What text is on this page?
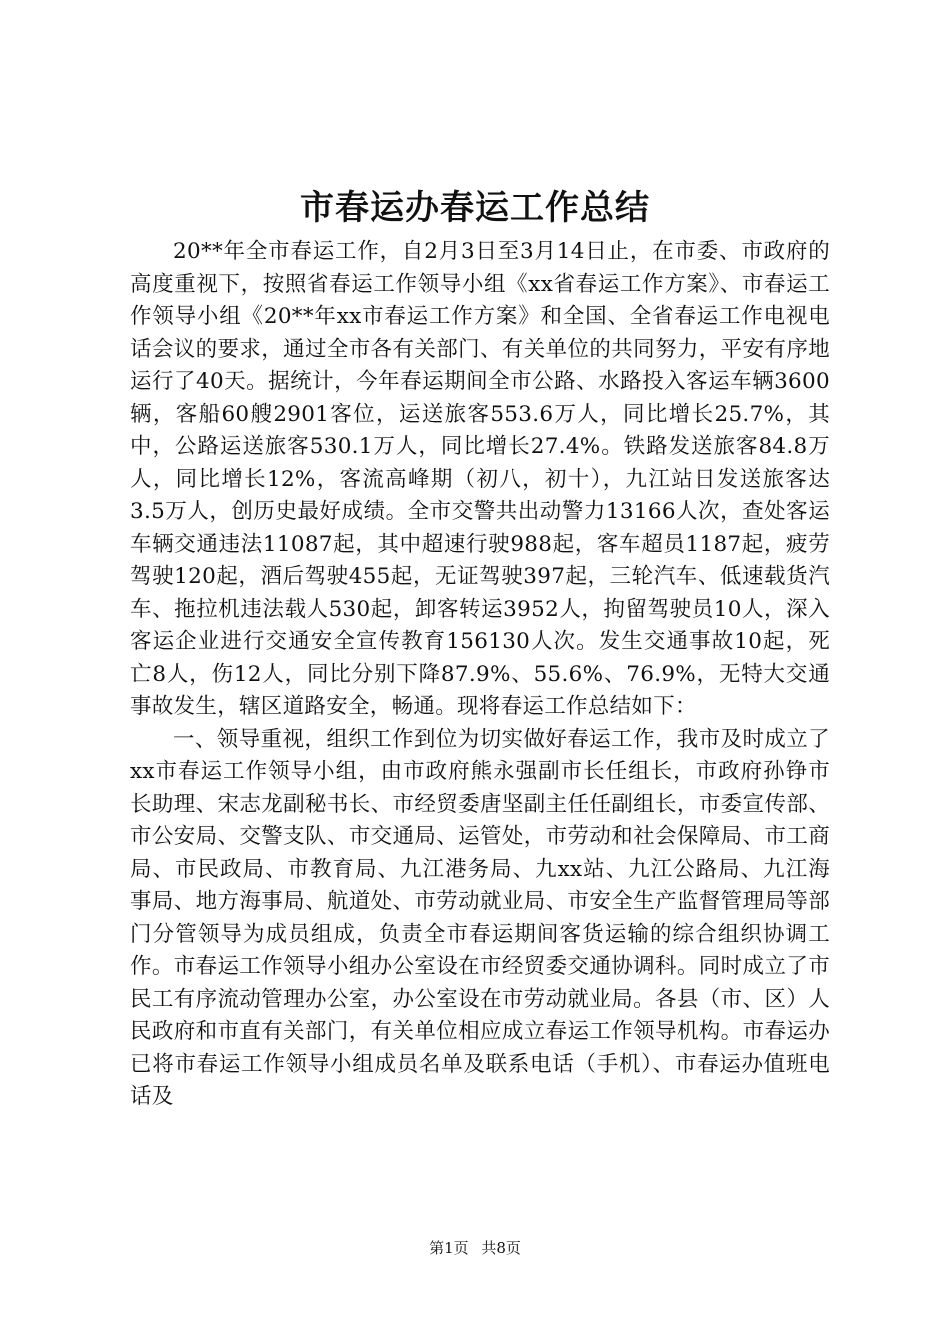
市春运办春运工作总结

20**年全市春运工作，自2月3日至3月14日止，在市委、市政府的高度重视下，按照省春运工作领导小组《xx省春运工作方案》、市春运工作领导小组《20**年xx市春运工作方案》和全国、全省春运工作电视电话会议的要求，通过全市各有关部门、有关单位的共同努力，平安有序地运行了40天。据统计，今年春运期间全市公路、水路投入客运车辆3600辆，客船60艘2901客位，运送旅客553.6万人，同比增长25.7%，其中，公路运送旅客530.1万人，同比增长27.4%。铁路发送旅客84.8万人，同比增长12%，客流高峰期（初八，初十），九江站日发送旅客达3.5万人，创历史最好成绩。全市交警共出动警力13166人次，查处客运车辆交通违法11087起，其中超速行驶988起，客车超员1187起，疲劳驾驶120起，酒后驾驶455起，无证驾驶397起，三轮汽车、低速载货汽车、拖拉机违法载人530起，卸客转运3952人，拘留驾驶员10人，深入客运企业进行交通安全宣传教育156130人次。发生交通事故10起，死亡8人，伤12人，同比分别下降87.9%、55.6%、76.9%，无特大交通事故发生，辖区道路安全，畅通。现将春运工作总结如下：

一、领导重视，组织工作到位为切实做好春运工作，我市及时成立了xx市春运工作领导小组，由市政府熊永强副市长任组长，市政府孙铮市长助理、宋志龙副秘书长、市经贸委唐坚副主任任副组长，市委宣传部、市公安局、交警支队、市交通局、运管处，市劳动和社会保障局、市工商局、市民政局、市教育局、九江港务局、九xx站、九江公路局、九江海事局、地方海事局、航道处、市劳动就业局、市安全生产监督管理局等部门分管领导为成员组成，负责全市春运期间客货运输的综合组织协调工作。市春运工作领导小组办公室设在市经贸委交通协调科。同时成立了市民工有序流动管理办公室，办公室设在市劳动就业局。各县（市、区）人民政府和市直有关部门，有关单位相应成立春运工作领导机构。市春运办已将市春运工作领导小组成员名单及联系电话（手机）、市春运办值班电话及

第1页 共8页
